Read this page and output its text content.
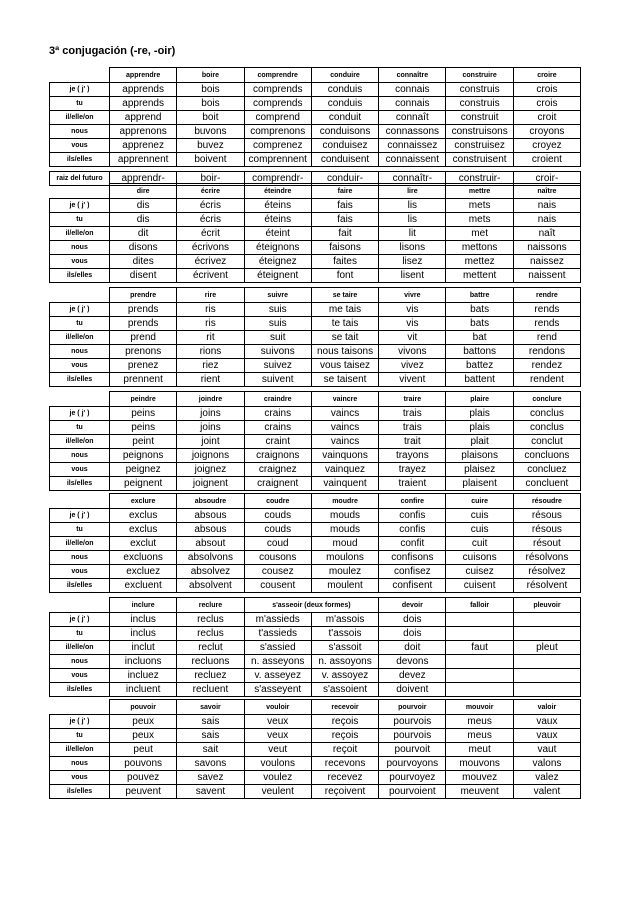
3ª conjugación (-re, -oir)
	apprendre	boire	comprendre	conduire	connaître	construire	croire
je ( j' )	apprends	bois	comprends	conduis	connais	construis	crois
tu	apprends	bois	comprends	conduis	connais	construis	crois
il/elle/on	apprend	boit	comprend	conduit	connaît	construit	croit
nous	apprenons	buvons	comprenons	conduisons	connassons	construisons	croyons
vous	apprenez	buvez	comprenez	conduisez	connaissez	construisez	croyez
ils/elles	apprennent	boivent	comprennent	conduisent	connaissent	construisent	croient

raiz del futuro	apprendr-	boir-	comprendr-	conduir-	connaîtr-	construir-	croir-
	dire	écrire	éteindre	faire	lire	mettre	naître
je ( j' )	dis	écris	éteins	fais	lis	mets	nais
tu	dis	écris	éteins	fais	lis	mets	nais
il/elle/on	dit	écrit	éteint	fait	lit	met	naît
nous	disons	écrivons	éteignons	faisons	lisons	mettons	naissons
vous	dites	écrivez	éteignez	faites	lisez	mettez	naissez
ils/elles	disent	écrivent	éteignent	font	lisent	mettent	naissent
	prendre	rire	suivre	se taire	vivre	battre	rendre
je ( j' )	prends	ris	suis	me tais	vis	bats	rends
tu	prends	ris	suis	te tais	vis	bats	rends
il/elle/on	prend	rit	suit	se tait	vit	bat	rend
nous	prenons	rions	suivons	nous taisons	vivons	battons	rendons
vous	prenez	riez	suivez	vous taisez	vivez	battez	rendez
ils/elles	prennent	rient	suivent	se taisent	vivent	battent	rendent
	peindre	joindre	craindre	vaincre	traire	plaire	conclure
je ( j' )	peins	joins	crains	vaincs	trais	plais	conclus
tu	peins	joins	crains	vaincs	trais	plais	conclus
il/elle/on	peint	joint	craint	vaincs	trait	plait	conclut
nous	peignons	joignons	craignons	vainquons	trayons	plaisons	concluons
vous	peignez	joignez	craignez	vainquez	trayez	plaisez	concluez
ils/elles	peignent	joignent	craignent	vainquent	traient	plaisent	concluent
	exclure	absoudre	coudre	moudre	confire	cuire	résoudre
je ( j' )	exclus	absous	couds	mouds	confis	cuis	résous
tu	exclus	absous	couds	mouds	confis	cuis	résous
il/elle/on	exclut	absout	coud	moud	confit	cuit	résout
nous	excluons	absolvons	cousons	moulons	confisons	cuisons	résolvons
vous	excluez	absolvez	cousez	moulez	confisez	cuisez	résolvez
ils/elles	excluent	absolvent	cousent	moulent	confisent	cuisent	résolvent
	inclure	reclure	s'asseoir (deux formes)		devoir	falloir	pleuvoir
je ( j' )	inclus	reclus	m'assieds	m'assois	dois		
tu	inclus	reclus	t'assieds	t'assois	dois		
il/elle/on	inclut	reclut	s'assied	s'assoit	doit	faut	pleut
nous	incluons	recluons	n. asseyons	n. assoyons	devons		
vous	incluez	recluez	v. asseyez	v. assoyez	devez		
ils/elles	incluent	recluent	s'asseyent	s'assoient	doivent		
	pouvoir	savoir	vouloir	recevoir	pourvoir	mouvoir	valoir
je ( j' )	peux	sais	veux	reçois	pourvois	meus	vaux
tu	peux	sais	veux	reçois	pourvois	meus	vaux
il/elle/on	peut	sait	veut	reçoit	pourvoit	meut	vaut
nous	pouvons	savons	voulons	recevons	pourvoyons	mouvons	valons
vous	pouvez	savez	voulez	recevez	pourvoyez	mouvez	valez
ils/elles	peuvent	savent	veulent	reçoivent	pourvoient	meuvent	valent
